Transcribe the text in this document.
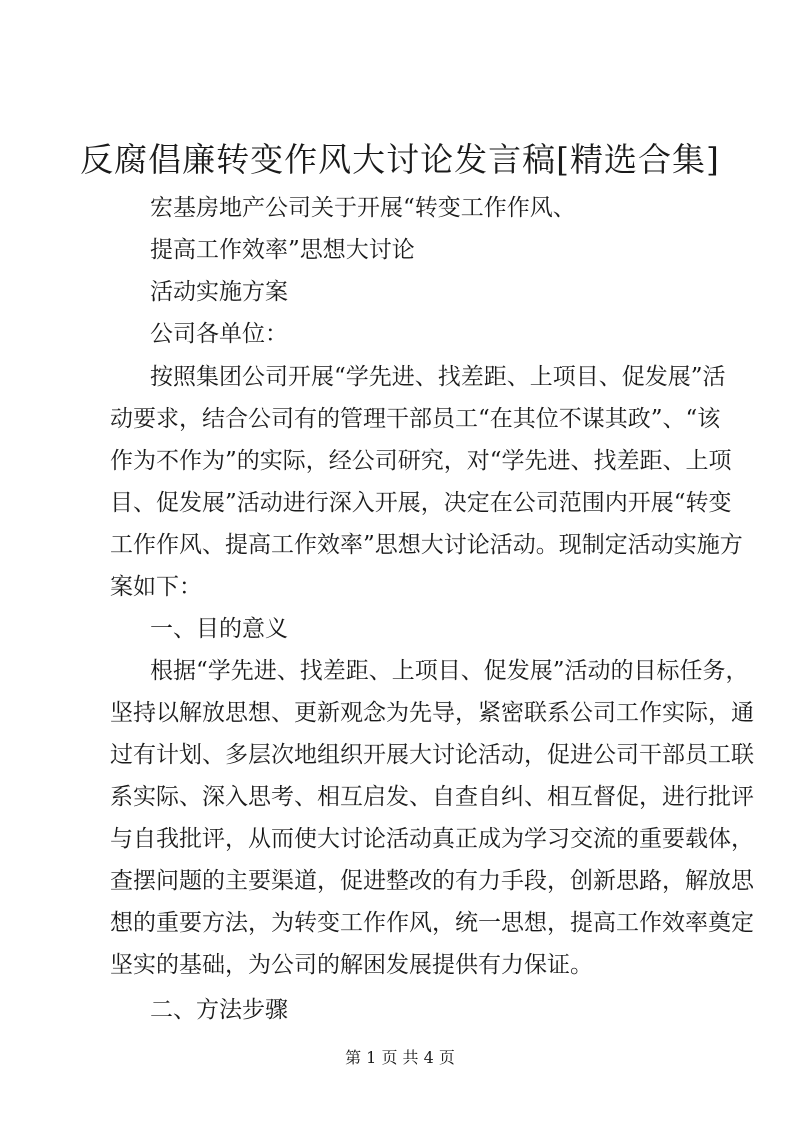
反腐倡廉转变作风大讨论发言稿[精选合集]

宏基房地产公司关于开展“转变工作作风、

提高工作效率”思想大讨论

活动实施方案

公司各单位：

按照集团公司开展“学先进、找差距、上项目、促发展”活

动要求，结合公司有的管理干部员工“在其位不谋其政”、“该

作为不作为”的实际，经公司研究，对“学先进、找差距、上项

目、促发展”活动进行深入开展，决定在公司范围内开展“转变

工作作风、提高工作效率”思想大讨论活动。现制定活动实施方

案如下：

一、目的意义

根据“学先进、找差距、上项目、促发展”活动的目标任务，

坚持以解放思想、更新观念为先导，紧密联系公司工作实际，通

过有计划、多层次地组织开展大讨论活动，促进公司干部员工联

系实际、深入思考、相互启发、自查自纠、相互督促，进行批评

与自我批评，从而使大讨论活动真正成为学习交流的重要载体，

查摆问题的主要渠道，促进整改的有力手段，创新思路，解放思

想的重要方法，为转变工作作风，统一思想，提高工作效率奠定

坚实的基础，为公司的解困发展提供有力保证。

二、方法步骤

第 1 页 共 4 页
